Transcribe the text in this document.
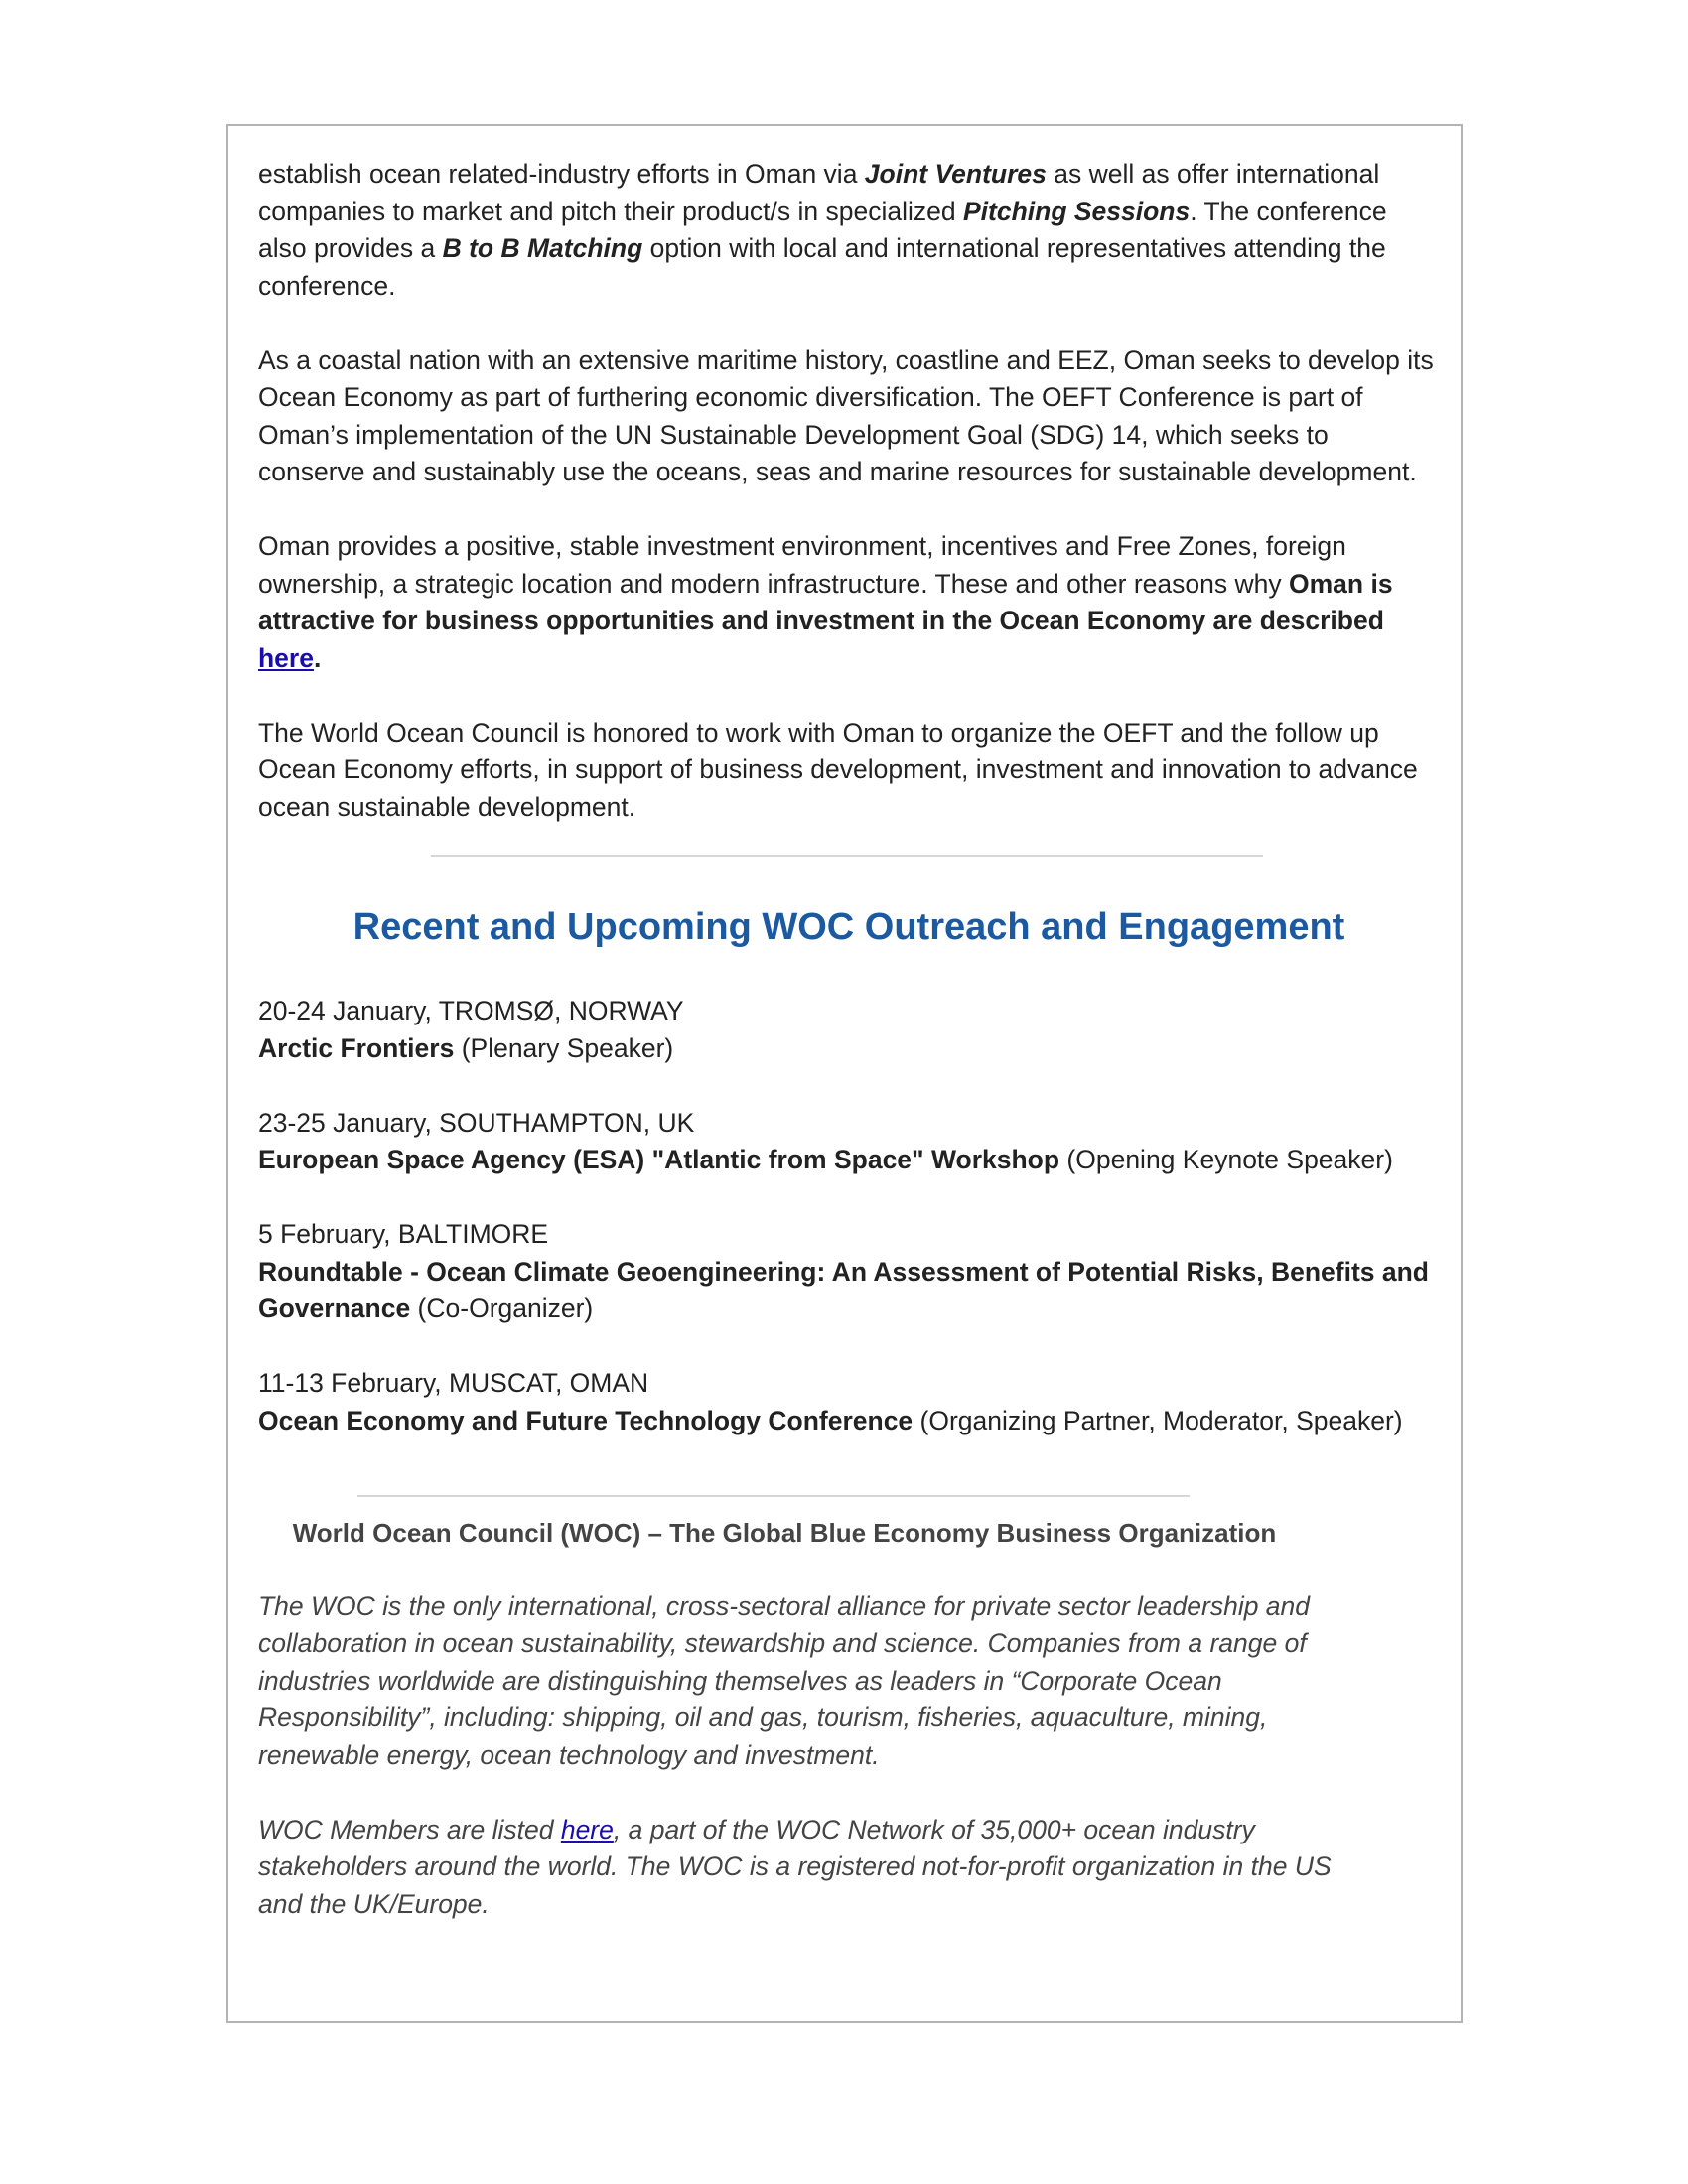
establish ocean related-industry efforts in Oman via Joint Ventures as well as offer international companies to market and pitch their product/s in specialized Pitching Sessions. The conference also provides a B to B Matching option with local and international representatives attending the conference.

As a coastal nation with an extensive maritime history, coastline and EEZ, Oman seeks to develop its Ocean Economy as part of furthering economic diversification. The OEFT Conference is part of Oman’s implementation of the UN Sustainable Development Goal (SDG) 14, which seeks to conserve and sustainably use the oceans, seas and marine resources for sustainable development.

Oman provides a positive, stable investment environment, incentives and Free Zones, foreign ownership, a strategic location and modern infrastructure. These and other reasons why Oman is attractive for business opportunities and investment in the Ocean Economy are described here.

The World Ocean Council is honored to work with Oman to organize the OEFT and the follow up Ocean Economy efforts, in support of business development, investment and innovation to advance ocean sustainable development.

Recent and Upcoming WOC Outreach and Engagement

20-24 January, TROMSØ, NORWAY

Arctic Frontiers (Plenary Speaker)

23-25 January, SOUTHAMPTON, UK

European Space Agency (ESA) "Atlantic from Space" Workshop (Opening Keynote Speaker)

5 February, BALTIMORE

Roundtable - Ocean Climate Geoengineering: An Assessment of Potential Risks, Benefits and Governance (Co-Organizer)

11-13 February, MUSCAT, OMAN

Ocean Economy and Future Technology Conference (Organizing Partner, Moderator, Speaker)

World Ocean Council (WOC) – The Global Blue Economy Business Organization

The WOC is the only international, cross-sectoral alliance for private sector leadership and collaboration in ocean sustainability, stewardship and science. Companies from a range of industries worldwide are distinguishing themselves as leaders in “Corporate Ocean Responsibility”, including: shipping, oil and gas, tourism, fisheries, aquaculture, mining, renewable energy, ocean technology and investment.

WOC Members are listed here, a part of the WOC Network of 35,000+ ocean industry stakeholders around the world. The WOC is a registered not-for-profit organization in the US and the UK/Europe.
